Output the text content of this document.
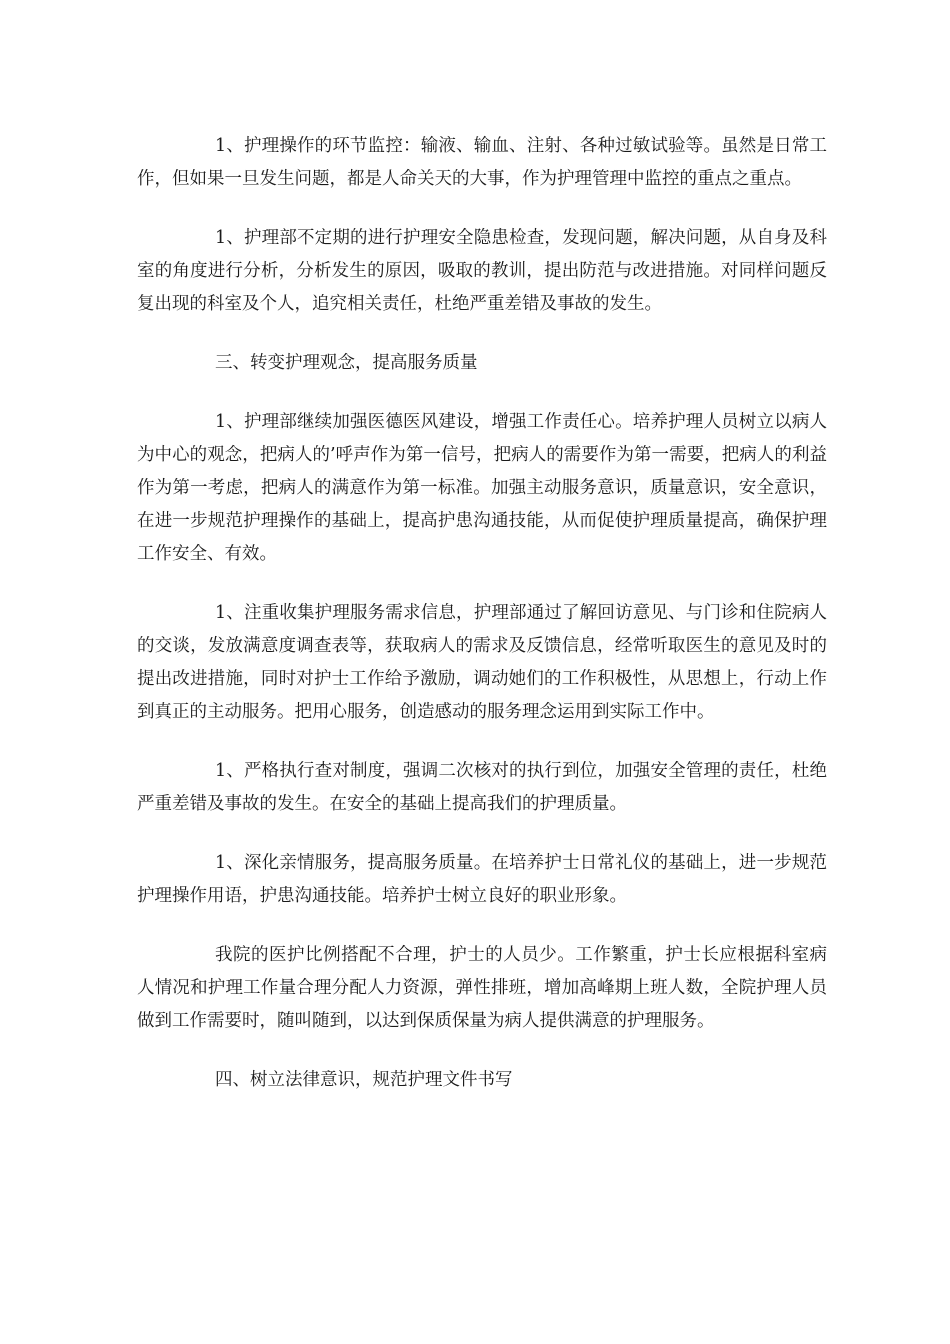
1、护理操作的环节监控：输液、输血、注射、各种过敏试验等。虽然是日常工作，但如果一旦发生问题，都是人命关天的大事，作为护理管理中监控的重点之重点。

1、护理部不定期的进行护理安全隐患检查，发现问题，解决问题，从自身及科室的角度进行分析，分析发生的原因，吸取的教训，提出防范与改进措施。对同样问题反复出现的科室及个人，追究相关责任，杜绝严重差错及事故的发生。

三、转变护理观念，提高服务质量

1、护理部继续加强医德医风建设，增强工作责任心。培养护理人员树立以病人为中心的观念，把病人的’呼声作为第一信号，把病人的需要作为第一需要，把病人的利益作为第一考虑，把病人的满意作为第一标准。加强主动服务意识，质量意识，安全意识，在进一步规范护理操作的基础上，提高护患沟通技能，从而促使护理质量提高，确保护理工作安全、有效。

1、注重收集护理服务需求信息，护理部通过了解回访意见、与门诊和住院病人的交谈，发放满意度调查表等，获取病人的需求及反馈信息，经常听取医生的意见及时的提出改进措施，同时对护士工作给予激励，调动她们的工作积极性，从思想上，行动上作到真正的主动服务。把用心服务，创造感动的服务理念运用到实际工作中。

1、严格执行查对制度，强调二次核对的执行到位，加强安全管理的责任，杜绝严重差错及事故的发生。在安全的基础上提高我们的护理质量。

1、深化亲情服务，提高服务质量。在培养护士日常礼仪的基础上，进一步规范护理操作用语，护患沟通技能。培养护士树立良好的职业形象。

我院的医护比例搭配不合理，护士的人员少。工作繁重，护士长应根据科室病人情况和护理工作量合理分配人力资源，弹性排班，增加高峰期上班人数，全院护理人员做到工作需要时，随叫随到，以达到保质保量为病人提供满意的护理服务。

四、树立法律意识，规范护理文件书写
